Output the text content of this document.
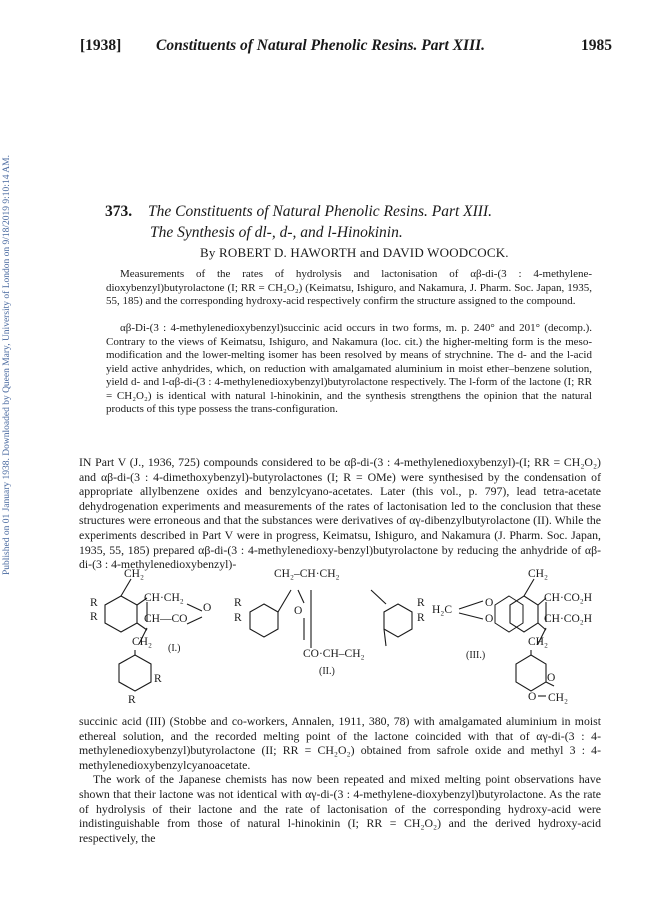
Published on 01 January 1938. Downloaded by Queen Mary, University of London on 9/18/2019 9:10:14 AM.
[1938] Constituents of Natural Phenolic Resins. Part XIII.	1985
373. The Constituents of Natural Phenolic Resins. Part XIII.
The Synthesis of dl-, d-, and l-Hinokinin.
By ROBERT D. HAWORTH and DAVID WOODCOCK.

Measurements of the rates of hydrolysis and lactonisation of αβ-di-(3 : 4-methylene-dioxybenzyl)butyrolactone (I; RR = CH₂O₂) (Keimatsu, Ishiguro, and Nakamura, J. Pharm. Soc. Japan, 1935, 55, 185) and the corresponding hydroxy-acid respectively confirm the structure assigned to the compound.

αβ-Di-(3 : 4-methylenedioxybenzyl)succinic acid occurs in two forms, m. p. 240° and 201° (decomp.). Contrary to the views of Keimatsu, Ishiguro, and Nakamura (loc. cit.) the higher-melting form is the meso-modification and the lower-melting isomer has been resolved by means of strychnine. The d- and the l-acid yield active anhydrides, which, on reduction with amalgamated aluminium in moist ether–benzene solution, yield d- and l-αβ-di-(3 : 4-methylenedioxybenzyl)butyrolactone respectively. The l-form of the lactone (I; RR = CH₂O₂) is identical with natural l-hinokinin, and the synthesis strengthens the opinion that the natural products of this type possess the trans-configuration.

IN Part V (J., 1936, 725) compounds considered to be αβ-di-(3 : 4-methylenedioxybenzyl)-(I; RR = CH₂O₂) and αβ-di-(3 : 4-dimethoxybenzyl)-butyrolactones (I; R = OMe) were synthesised by the condensation of appropriate allylbenzene oxides and benzylcyano-acetates. Later (this vol., p. 797), lead tetra-acetate dehydrogenation experiments and measurements of the rates of lactonisation led to the conclusion that these structures were erroneous and that the substances were derivatives of αγ-dibenzylbutyrolactone (II). While the experiments described in Part V were in progress, Keimatsu, Ishiguro, and Nakamura (J. Pharm. Soc. Japan, 1935, 55, 185) prepared αβ-di-(3 : 4-methylenedioxy-benzyl)butyrolactone by reducing the anhydride of αβ-di-(3 : 4-methylenedioxybenzyl)-

CH₂
CH·CH₂
CH—CO
O
CH₂
R
R
R
R
(I.)
CH₂–CH·CH₂
O
CO·CH–CH₂
R
R
R
R
(II.)
CH₂
CH·CO₂H
CH·CO₂H
CH₂
H₂C
O
O
O
O CH₂
(III.)

succinic acid (III) (Stobbe and co-workers, Annalen, 1911, 380, 78) with amalgamated aluminium in moist ethereal solution, and the recorded melting point of the lactone coincided with that of αγ-di-(3 : 4-methylenedioxybenzyl)butyrolactone (II; RR = CH₂O₂) obtained from safrole oxide and methyl 3 : 4-methylenedioxybenzylcyanoacetate.

The work of the Japanese chemists has now been repeated and mixed melting point observations have shown that their lactone was not identical with αγ-di-(3 : 4-methylene-dioxybenzyl)butyrolactone. As the rate of hydrolysis of their lactone and the rate of lactonisation of the corresponding hydroxy-acid were indistinguishable from those of natural l-hinokinin (I; RR = CH₂O₂) and the derived hydroxy-acid respectively, the
